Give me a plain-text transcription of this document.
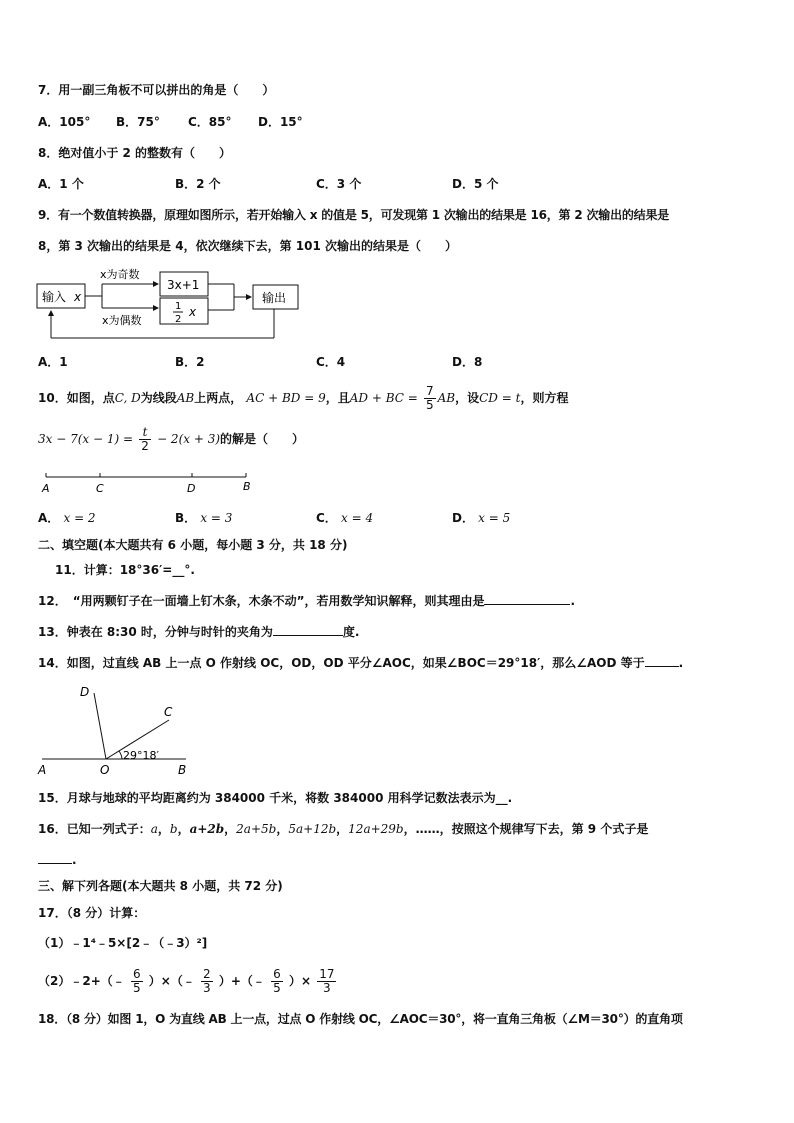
7．用一副三角板不可以拼出的角是（　　）
A．105° B．75° C．85° D．15°
8．绝对值小于 2 的整数有（　　）
A．1 个	B．2 个	C．3 个	D．5 个
9．有一个数值转换器，原理如图所示，若开始输入 x 的值是 5，可发现第 1 次输出的结果是 16，第 2 次输出的结果是
8，第 3 次输出的结果是 4，依次继续下去，第 101 次输出的结果是（　　）
输入 x
x为奇数
x为偶数
3x+1
1
2
x
输出
A．1	B．2	C．4	D．8
10．如图，点C, D为线段AB上两点， AC + BD = 9，且AD + BC = $\frac{7}{5}$ AB，设CD = t，则方程
$3x - 7(x - 1) = \frac{t}{2} - 2(x + 3)$的解是（　　）
A	C	D	B
A． x = 2	B． x = 3	C． x = 4	D． x = 5
二、填空题(本大题共有 6 小题，每小题 3 分，共 18 分)
11．计算：18°36′=__°.
12．　“用两颗钉子在一面墙上钉木条，木条不动”，若用数学知识解释，则其理由是	.
13．钟表在 8:30 时，分钟与时针的夹角为	度.
14．如图，过直线 AB 上一点 O 作射线 OC，OD，OD 平分∠AOC，如果∠BOC＝29°18′，那么∠AOD 等于	.
A	O	B
C
D
29°18′
15．月球与地球的平均距离约为 384000 千米，将数 384000 用科学记数法表示为__.
16．已知一列式子：a，b，a+2b，2a+5b，5a+12b，12a+29b，……，按照这个规律写下去，第 9 个式子是
.
三、解下列各题(本大题共 8 小题，共 72 分)
17．（8 分）计算：
（1）﹣1⁴﹣5×[2﹣（﹣3）²]
（2）﹣2+（﹣ $\frac{6}{5}$ ）×（﹣ $\frac{2}{3}$ ）+（﹣ $\frac{6}{5}$ ）× $\frac{17}{3}$
18．（8 分）如图 1，O 为直线 AB 上一点，过点 O 作射线 OC，∠AOC＝30°，将一直角三角板（∠M＝30°）的直角项
